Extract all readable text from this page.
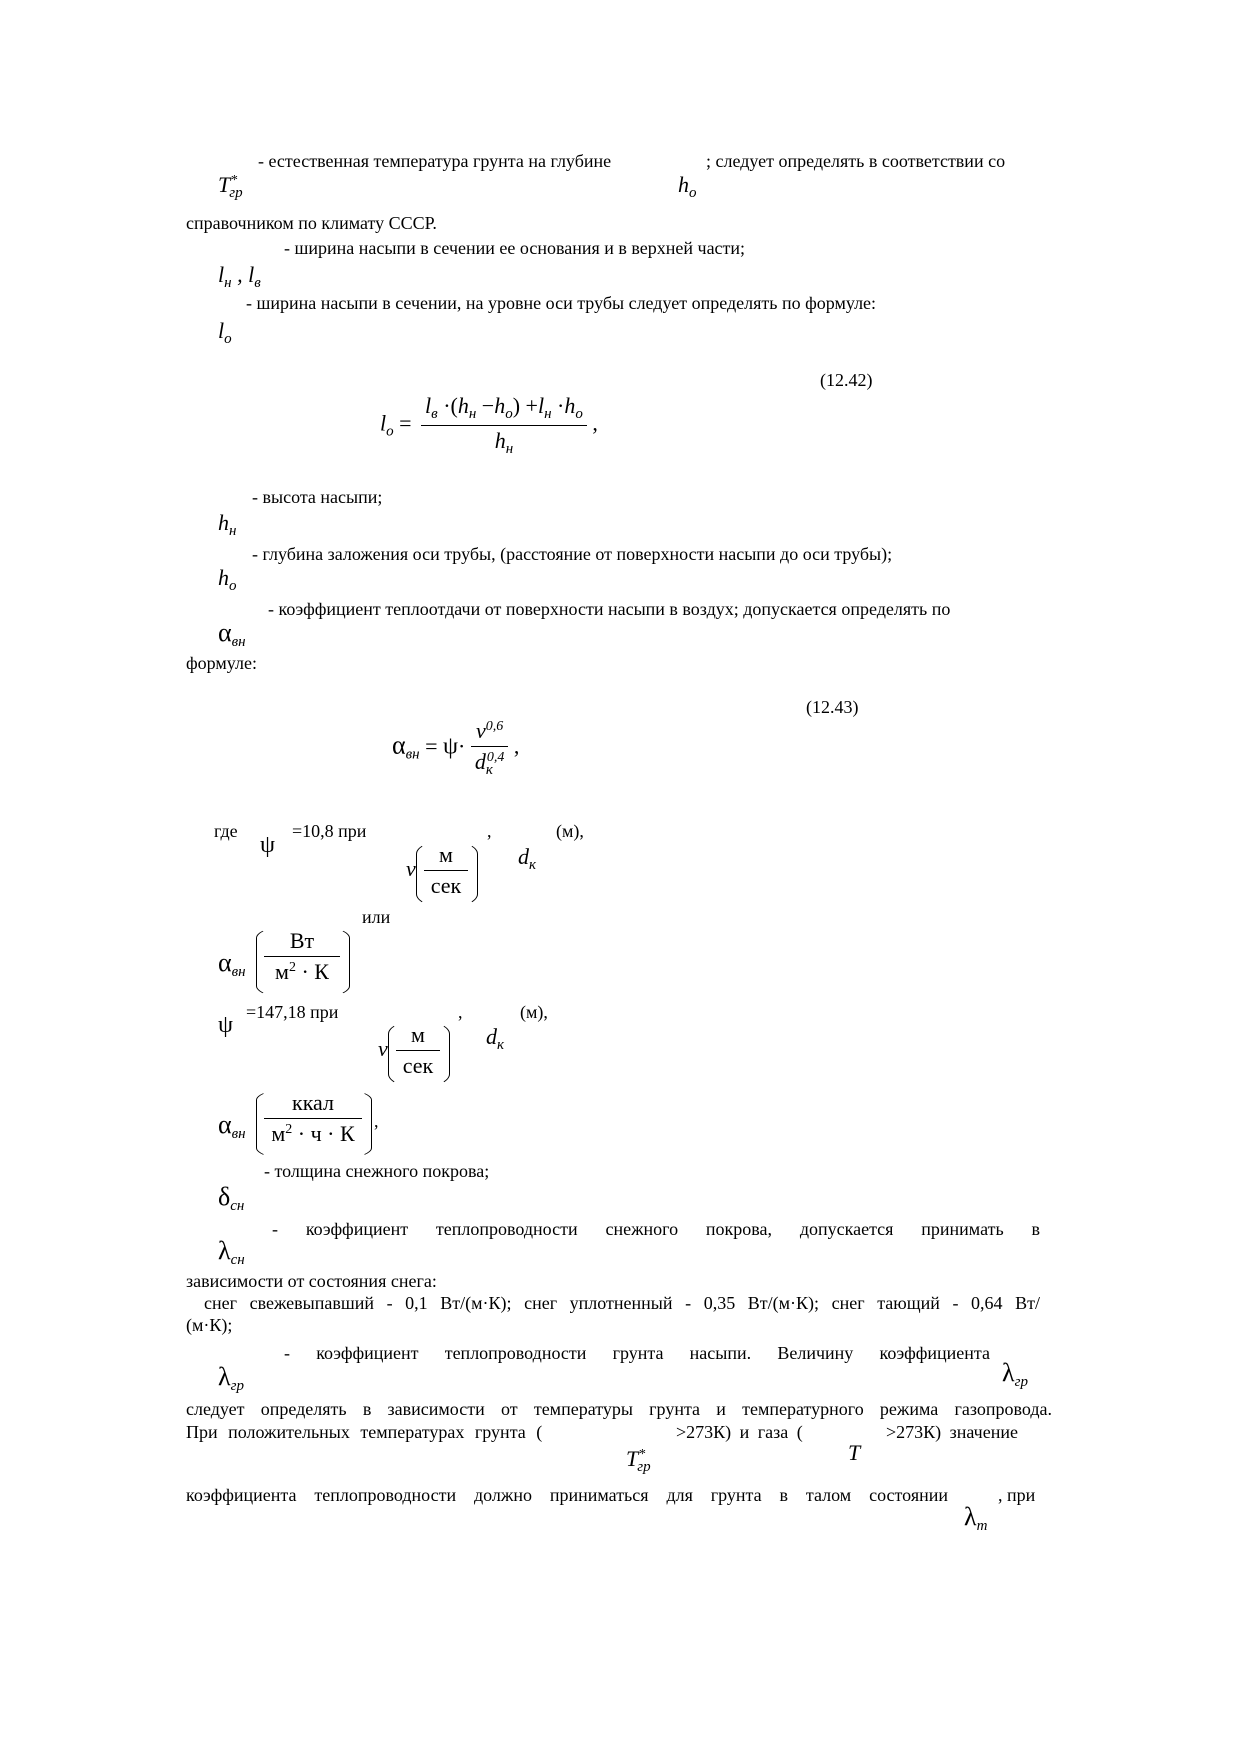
- естественная температура грунта на глубине	; следует определять в соответствии со
$T^*_{гр}$	$h_о$
справочником по климату СССР.
- ширина насыпи в сечении ее основания и в верхней части;
$l_н$ , $l_в$
- ширина насыпи в сечении, на уровне оси трубы следует определять по формуле:
$l_о$
(12.42)
$l_о = \frac{l_в \cdot(h_н -h_о) +l_н \cdot h_о}{h_н}$ ,
- высота насыпи;
$h_н$
- глубина заложения оси трубы, (расстояние от поверхности насыпи до оси трубы);
$h_о$
- коэффициент теплоотдачи от поверхности насыпи в воздух; допускается определять по
$\alpha_{вн}$
формуле:
(12.43)
$\alpha_{вн} = \psi\cdot \frac{v^{0,6}}{d_к^{0,4}}$ ,
где
ψ
=10,8 при
v
м
сек
,
$d_к$
(м),
или
$\alpha_{вн}$
Вт
$м^2 \cdot К$
ψ =147,18 при
v
м
сек
,
$d_к$
(м),
$\alpha_{вн}$
ккал
$м^2 \cdot ч \cdot К$	,
- толщина снежного покрова;
$\delta_{сн}$
- коэффициент теплопроводности снежного покрова, допускается принимать в
$\lambda_{сн}$
зависимости от состояния снега:
снег свежевыпавший - 0,1 Вт/(м·К); снег уплотненный - 0,35 Вт/(м·К); снег тающий - 0,64 Вт/
(м·К);
- коэффициент теплопроводности грунта насыпи. Величину коэффициента
$\lambda_{гр}$	$\lambda_{гр}$
следует определять в зависимости от температуры грунта и температурного режима газопровода.
При положительных температурах грунта (	>273К) и газа (	>273К) значение
$T^*_{гр}$
T
коэффициента теплопроводности должно приниматься для грунта в талом состоянии	, при
$\lambda_т$
